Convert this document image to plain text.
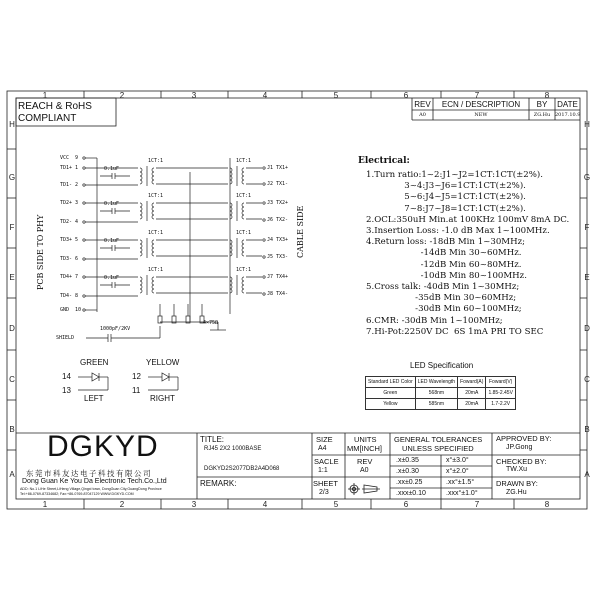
REACH & RoHS
COMPLIANT
REV	ECN / DESCRIPTION	BY	DATE
A0	NEW	ZG.Hu 2017.10.9
VCC 9
TD1+ 1
TD1- 2
TD2+ 3
TD2- 4
TD3+ 5
TD3- 6
TD4+ 7
TD4- 8
GND 10
1CT:1	1CT:1
0.1uF
1CT:1	1CT:1
0.1uF
1CT:1	1CT:1
0.1uF
1CT:1	1CT:1
0.1uF
J1 TX1+
J2 TX1-
J3 TX2+
J6 TX2-
J4 TX3+
J5 TX3-
J7 TX4+
J8 TX4-
PCB SIDE TO PHY	CABLE SIDE
SHIELD
1000pF/2KV
4×75Ω
Electrical:
1.Turn ratio:1~2:J1~J2=1CT:1CT(±2%).
3~4:J3~J6=1CT:1CT(±2%).
5~6:J4~J5=1CT:1CT(±2%).
7~8:J7~J8=1CT:1CT(±2%).
2.OCL:350uH Min.at 100KHz 100mV 8mA DC.
3.Insertion Loss: -1.0 dB Max 1~100MHz.
4.Return loss: -18dB Min 1~30MHz;
-14dB Min 30~60MHz.
-12dB Min 60~80MHz.
-10dB Min 80~100MHz.
5.Cross talk: -40dB Min 1~30MHz;
-35dB Min 30~60MHz;
-30dB Min 60~100MHz;
6.CMR: -30dB Min 1~100MHz;
7.Hi-Pot:2250V DC  6S 1mA PRI TO SEC
GREEN
14
13
LEFT
YELLOW
12
11
RIGHT
LED Specification
Standard LED Color	LED Wavelength	Foward(A)	Foward(V)
Green	568nm	20mA	1.85-2.45V
Yellow	585nm	20mA	1.7-2.2V
DGKYD
东莞市科友达电子科技有限公司
Dong Guan Ke You Da Electronic Tech.Co.,Ltd
ADD: No.1 LiHe Street,LiHeng Village,Qingxi town, DongGuan City,GuangDong Province
Tel:+86-0769-87334682; Fax:+86-0769-87047129 WWW.DGKYD.COM
TITLE:
RJ45 2X2 1000BASE
DGKYD2S2077DB2A4D068
REMARK:
SIZE
A4
SACLE
1:1
SHEET
2/3
UNITS
MM[INCH]
REV
A0
GENERAL TOLERANCES
UNLESS SPECIFIED
.x±0.35	x°±3.0°
.x±0.30	x°±2.0°
.xx±0.25	.xx°±1.5°
.xxx±0.10	.xxx°±1.0°
APPROVED BY:
JP.Gong
CHECKED BY:
TW.Xu
DRAWN BY:
ZG.Hu
1
1
2
2
3
3
4
4
5
5
6
6
7
7
8
8
H	H
G	G
F	F
E	E
D	D
C	C
B	B
A	A
